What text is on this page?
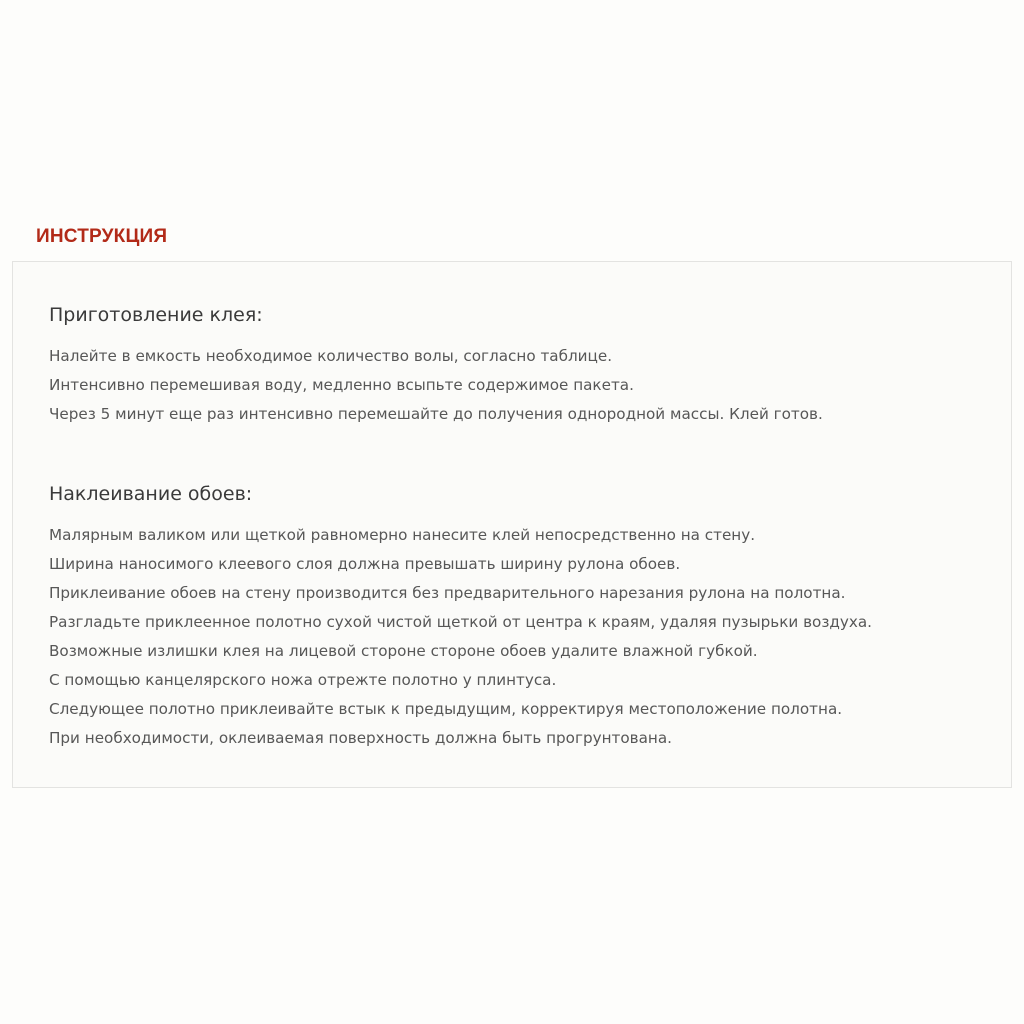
ИНСТРУКЦИЯ
Приготовление клея:
Налейте в емкость необходимое количество волы, согласно таблице.
Интенсивно перемешивая воду, медленно всыпьте содержимое пакета.
Через 5 минут еще раз интенсивно перемешайте до получения однородной массы. Клей готов.
Наклеивание обоев:
Малярным валиком или щеткой равномерно нанесите клей непосредственно на стену.
Ширина наносимого клеевого слоя должна превышать ширину рулона обоев.
Приклеивание обоев на стену производится без предварительного нарезания рулона на полотна.
Разгладьте приклеенное полотно сухой чистой щеткой от центра к краям, удаляя пузырьки воздуха.
Возможные излишки клея на лицевой стороне стороне обоев удалите влажной губкой.
С помощью канцелярского ножа отрежте полотно у плинтуса.
Следующее полотно приклеивайте встык к предыдущим, корректируя местоположение полотна.
При необходимости, оклеиваемая поверхность должна быть прогрунтована.
